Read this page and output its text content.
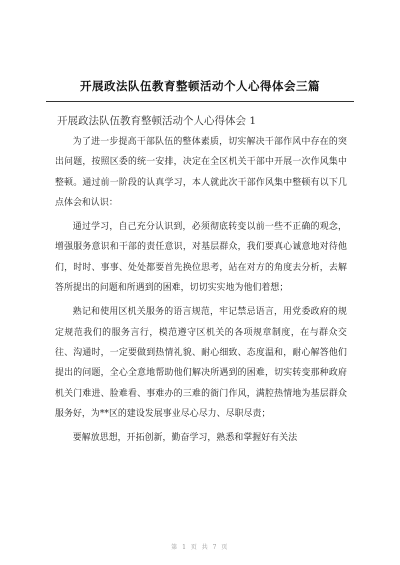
开展政法队伍教育整顿活动个人心得体会三篇

开展政法队伍教育整顿活动个人心得体会 1

为了进一步提高干部队伍的整体素质，切实解决干部作风中存在的突出问题，按照区委的统一安排，决定在全区机关干部中开展一次作风集中整顿。通过前一阶段的认真学习，本人就此次干部作风集中整顿有以下几点体会和认识：

通过学习，自己充分认识到，必须彻底转变以前一些不正确的观念，增强服务意识和干部的责任意识，对基层群众，我们要真心诚意地对待他们，时时、事事、处处都要首先换位思考，站在对方的角度去分析，去解答所提出的问题和所遇到的困难，切切实实地为他们着想；

熟记和使用区机关服务的语言规范，牢记禁忌语言，用党委政府的规定规范我们的服务言行，模范遵守区机关的各项规章制度，在与群众交往、沟通时，一定要做到热情礼貌、耐心细致、态度温和，耐心解答他们提出的问题，全心全意地帮助他们解决所遇到的困难，切实转变那种政府机关门难进、脸难看、事难办的三难的衙门作风，满腔热情地为基层群众服务好，为**区的建设发展事业尽心尽力、尽职尽责；

要解放思想，开拓创新，勤奋学习，熟悉和掌握好有关法

第 1 页 共 7 页
